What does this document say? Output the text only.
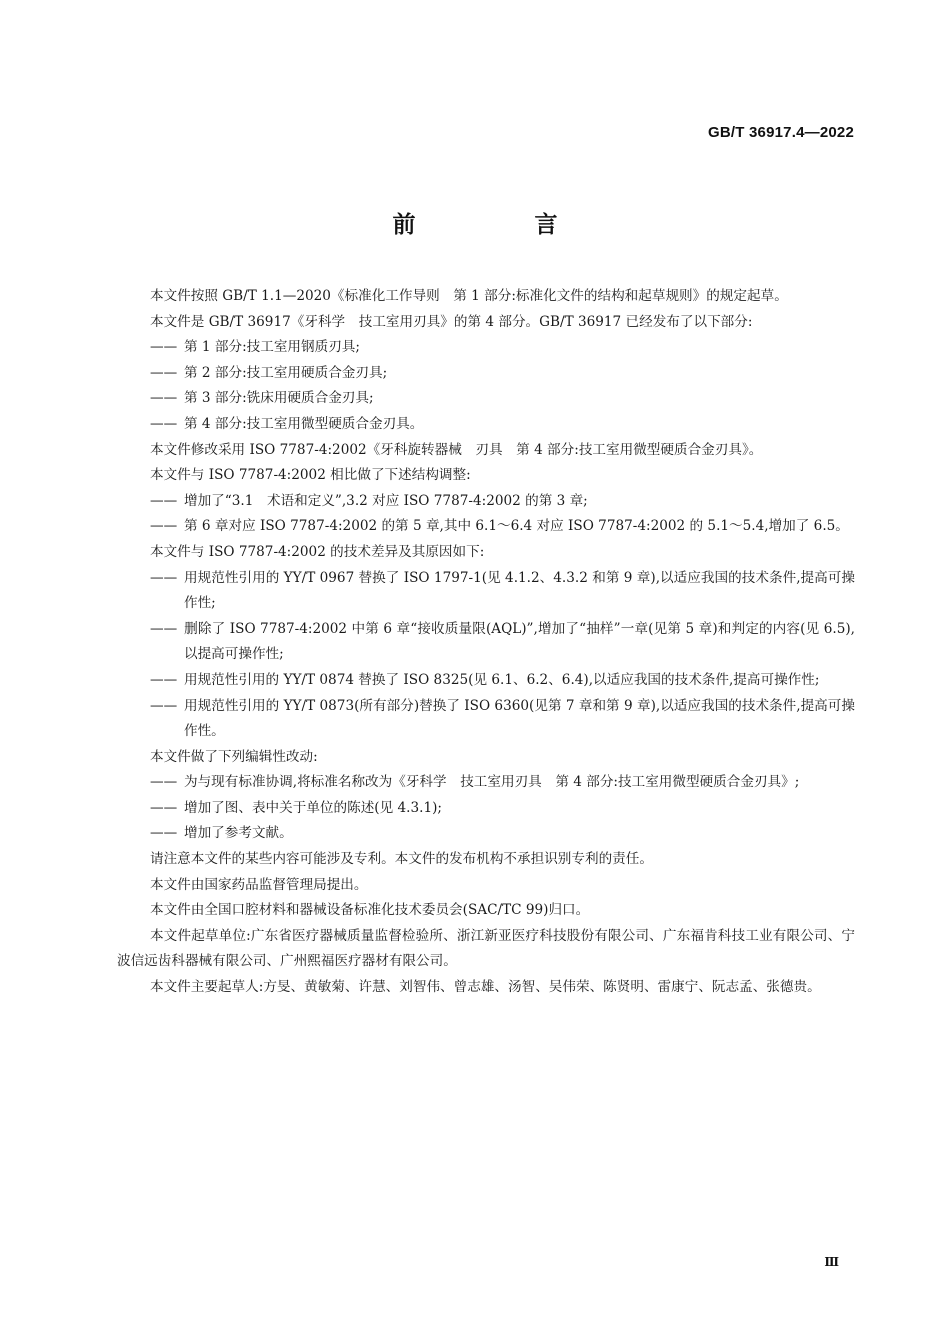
GB/T 36917.4—2022
前　言
本文件按照 GB/T 1.1—2020《标准化工作导则　第 1 部分:标准化文件的结构和起草规则》的规定起草。
本文件是 GB/T 36917《牙科学　技工室用刃具》的第 4 部分。GB/T 36917 已经发布了以下部分:
—— 第 1 部分:技工室用钢质刃具;
—— 第 2 部分:技工室用硬质合金刃具;
—— 第 3 部分:铣床用硬质合金刃具;
—— 第 4 部分:技工室用微型硬质合金刃具。
本文件修改采用 ISO 7787-4:2002《牙科旋转器械　刃具　第 4 部分:技工室用微型硬质合金刃具》。
本文件与 ISO 7787-4:2002 相比做了下述结构调整:
—— 增加了“3.1　术语和定义”,3.2 对应 ISO 7787-4:2002 的第 3 章;
—— 第 6 章对应 ISO 7787-4:2002 的第 5 章,其中 6.1～6.4 对应 ISO 7787-4:2002 的 5.1～5.4,增加了 6.5。
本文件与 ISO 7787-4:2002 的技术差异及其原因如下:
—— 用规范性引用的 YY/T 0967 替换了 ISO 1797-1(见 4.1.2、4.3.2 和第 9 章),以适应我国的技术条件,提高可操作性;
—— 删除了 ISO 7787-4:2002 中第 6 章“接收质量限(AQL)”,增加了“抽样”一章(见第 5 章)和判定的内容(见 6.5),以提高可操作性;
—— 用规范性引用的 YY/T 0874 替换了 ISO 8325(见 6.1、6.2、6.4),以适应我国的技术条件,提高可操作性;
—— 用规范性引用的 YY/T 0873(所有部分)替换了 ISO 6360(见第 7 章和第 9 章),以适应我国的技术条件,提高可操作性。
本文件做了下列编辑性改动:
—— 为与现有标准协调,将标准名称改为《牙科学　技工室用刃具　第 4 部分:技工室用微型硬质合金刃具》;
—— 增加了图、表中关于单位的陈述(见 4.3.1);
—— 增加了参考文献。
请注意本文件的某些内容可能涉及专利。本文件的发布机构不承担识别专利的责任。
本文件由国家药品监督管理局提出。
本文件由全国口腔材料和器械设备标准化技术委员会(SAC/TC 99)归口。
本文件起草单位:广东省医疗器械质量监督检验所、浙江新亚医疗科技股份有限公司、广东福肯科技工业有限公司、宁波信远齿科器械有限公司、广州熙福医疗器材有限公司。
本文件主要起草人:方旻、黄敏菊、许慧、刘智伟、曾志雄、汤智、吴伟荣、陈贤明、雷康宁、阮志孟、张德贵。
Ⅲ
